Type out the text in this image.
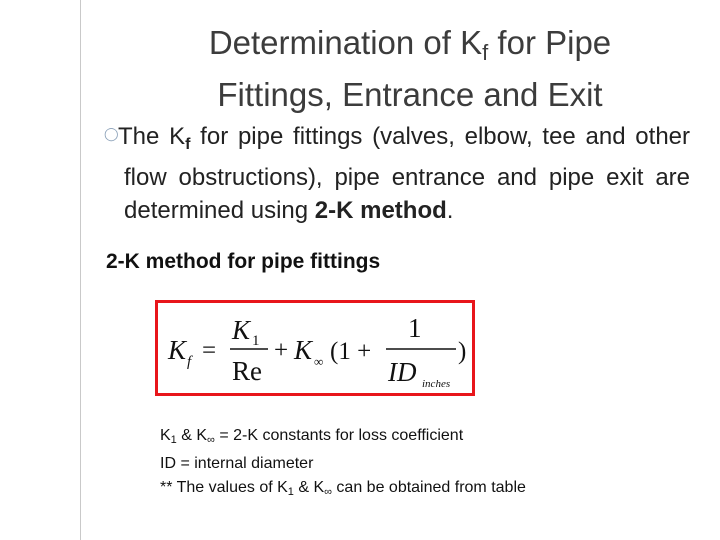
Determination of $K_f$ for Pipe
Fittings, Entrance and Exit
◯​ The $K_f$ for pipe fittings (valves, elbow, tee and other flow obstructions), pipe entrance and pipe exit are determined using 2-K method.

2-K method for pipe fittings
K f =
K 1
Re
+ K ∞ (1 +
1
ID inches
)
$K_1$ & $K_\infty = 2-K$ constants for loss coefficient
ID = internal diameter
** The values of $K_1$ & $K_\infty$ can be obtained from table
